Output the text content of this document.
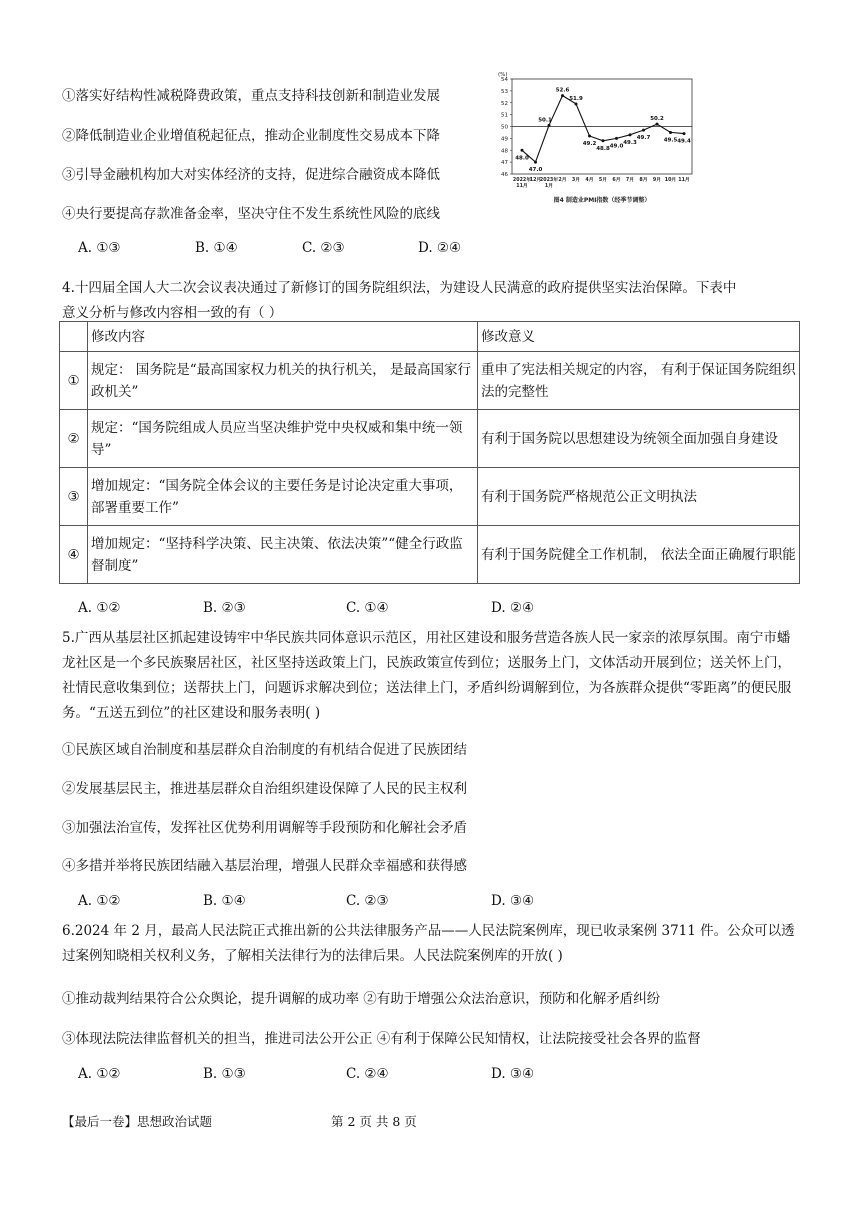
①落实好结构性减税降费政策，重点支持科技创新和制造业发展
②降低制造业企业增值税起征点，推动企业制度性交易成本下降
③引导金融机构加大对实体经济的支持，促进综合融资成本降低
④央行要提高存款准备金率，坚决守住不发生系统性风险的底线
(%)
46
47
48
49
50
51
52
53
54
48.0
47.0
50.1
52.6
51.9
49.2
48.8 49.0
49.3
49.7
50.2
49.5 49.4
2022年
11月
12月
2023年
1月
2月 3月 4月 5月 6月 7月 8月 9月 10月 11月
图4 制造业PMI指数（经季节调整）
A. ①③	B. ①④	C. ②③	D. ②④
4.十四届全国人大二次会议表决通过了新修订的国务院组织法，为建设人民满意的政府提供坚实法治保障。下表中
意义分析与修改内容相一致的有（ ）
	修改内容	修改意义
①	规定： 国务院是“最高国家权力机关的执行机关， 是最高国家行政机关”	重申了宪法相关规定的内容， 有利于保证国务院组织法的完整性
②	规定：“国务院组成人员应当坚决维护党中央权威和集中统一领导”	有利于国务院以思想建设为统领全面加强自身建设
③	增加规定：“国务院全体会议的主要任务是讨论决定重大事项， 部署重要工作”	有利于国务院严格规范公正文明执法
④	增加规定：“坚持科学决策、民主决策、依法决策”“健全行政监督制度”	有利于国务院健全工作机制， 依法全面正确履行职能
A. ①②	B. ②③	C. ①④	D. ②④
5.广西从基层社区抓起建设铸牢中华民族共同体意识示范区，用社区建设和服务营造各族人民一家亲的浓厚氛围。南宁市蟠龙社区是一个多民族聚居社区，社区坚持送政策上门，民族政策宣传到位；送服务上门，文体活动开展到位；送关怀上门，社情民意收集到位；送帮扶上门，问题诉求解决到位；送法律上门，矛盾纠纷调解到位，为各族群众提供“零距离”的便民服务。“五送五到位”的社区建设和服务表明( )
①民族区域自治制度和基层群众自治制度的有机结合促进了民族团结
②发展基层民主，推进基层群众自治组织建设保障了人民的民主权利
③加强法治宣传，发挥社区优势利用调解等手段预防和化解社会矛盾
④多措并举将民族团结融入基层治理，增强人民群众幸福感和获得感
A. ①②	B. ①④	C. ②③	D. ③④
6.2024 年 2 月，最高人民法院正式推出新的公共法律服务产品——人民法院案例库，现已收录案例 3711 件。公众可以透过案例知晓相关权利义务，了解相关法律行为的法律后果。人民法院案例库的开放( )
①推动裁判结果符合公众舆论，提升调解的成功率 ②有助于增强公众法治意识，预防和化解矛盾纠纷
③体现法院法律监督机关的担当，推进司法公开公正 ④有利于保障公民知情权，让法院接受社会各界的监督
A. ①②	B. ①③	C. ②④	D. ③④
【最后一卷】思想政治试题	第 2 页 共 8 页
